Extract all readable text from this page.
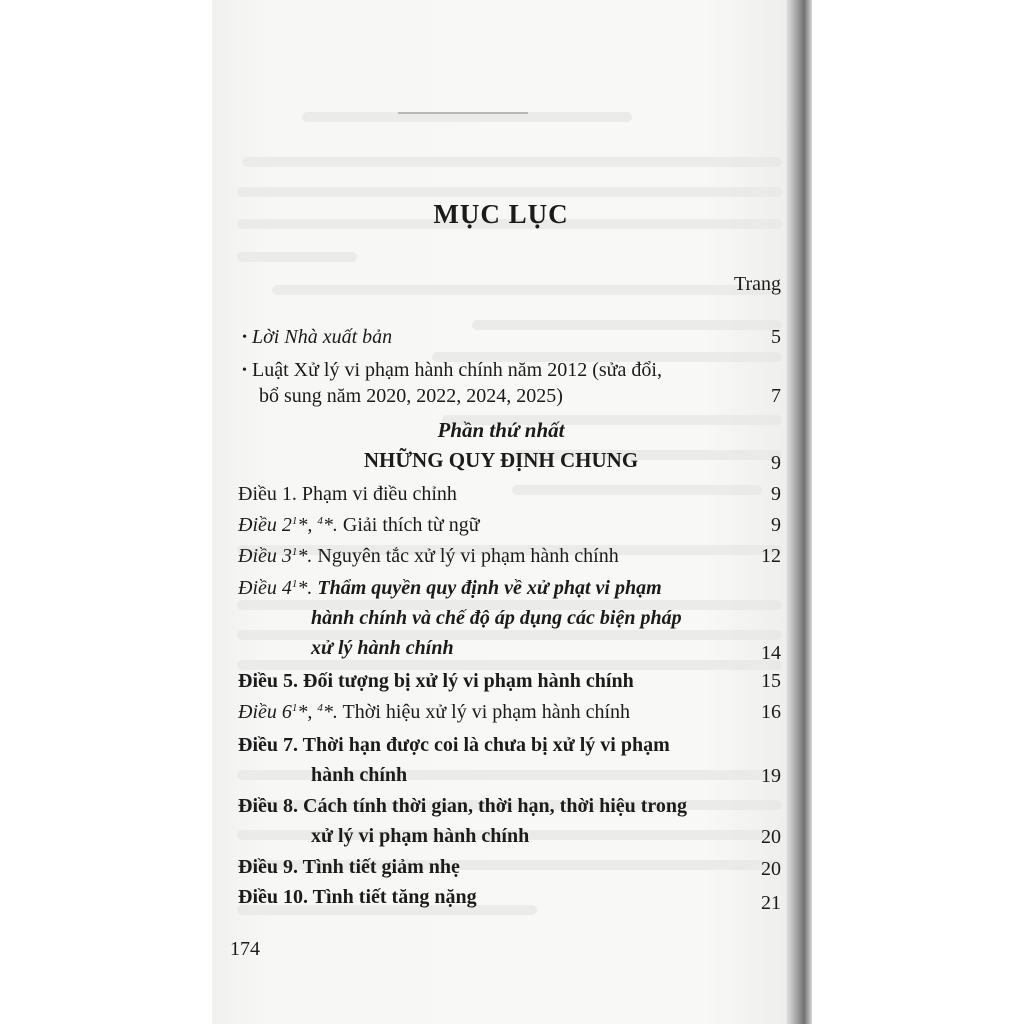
MỤC LỤC
Trang
• Lời Nhà xuất bản	5
• Luật Xử lý vi phạm hành chính năm 2012 (sửa đổi,
bổ sung năm 2020, 2022, 2024, 2025)	7
Phần thứ nhất
NHỮNG QUY ĐỊNH CHUNG	9
Điều 1. Phạm vi điều chỉnh	9
Điều $2^1*$, $^4$*. Giải thích từ ngữ	9
Điều $3^1*$. Nguyên tắc xử lý vi phạm hành chính	12
Điều $4^1*$. Thẩm quyền quy định về xử phạt vi phạm
hành chính và chế độ áp dụng các biện pháp
xử lý hành chính	14
Điều 5. Đối tượng bị xử lý vi phạm hành chính	15
Điều $6^1*$, $^4$*. Thời hiệu xử lý vi phạm hành chính	16
Điều 7. Thời hạn được coi là chưa bị xử lý vi phạm
hành chính	19
Điều 8. Cách tính thời gian, thời hạn, thời hiệu trong
xử lý vi phạm hành chính	20
Điều 9. Tình tiết giảm nhẹ	20
Điều 10. Tình tiết tăng nặng	21
174
